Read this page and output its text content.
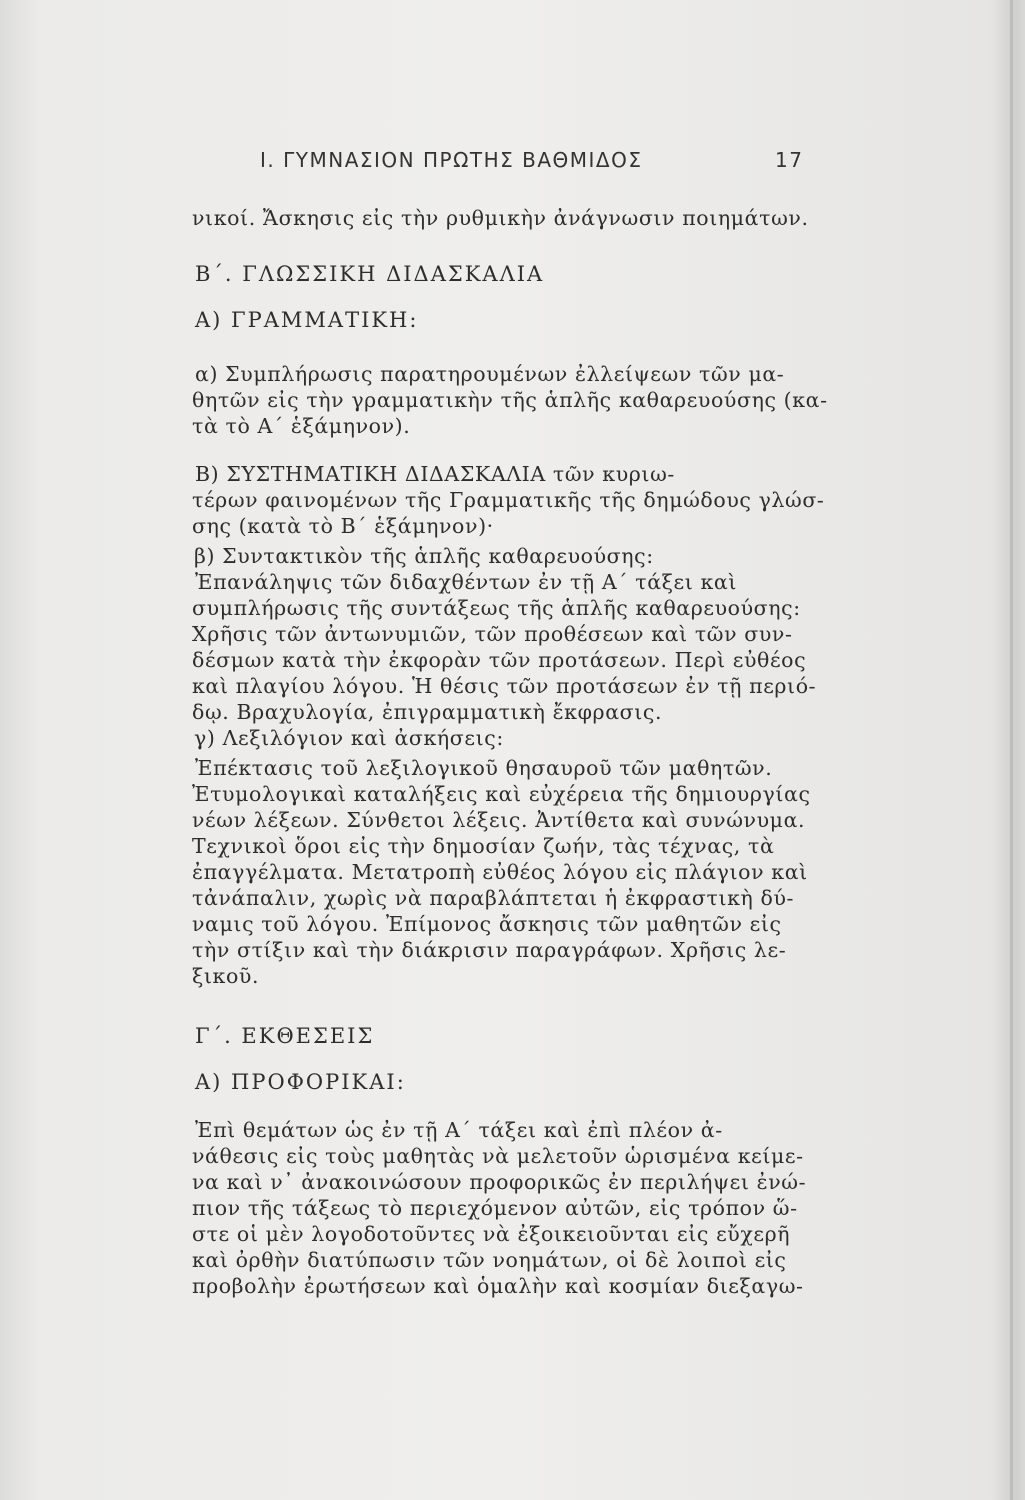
Ι. ΓΥΜΝΑΣΙΟΝ ΠΡΩΤΗΣ ΒΑΘΜΙΔΟΣ	17
νικοί. Ἄσκησις εἰς τὴν ρυθμικὴν ἀνάγνωσιν ποιημάτων.
Β΄. ΓΛΩΣΣΙΚΗ ΔΙΔΑΣΚΑΛΙΑ
Α) ΓΡΑΜΜΑΤΙΚΗ:
α) Συμπλήρωσις παρατηρουμένων ἐλλείψεων τῶν μα-
θητῶν εἰς τὴν γραμματικὴν τῆς ἁπλῆς καθαρευούσης (κα-
τὰ τὸ Α΄ ἑξάμηνον).
Β) ΣΥΣΤΗΜΑΤΙΚΗ ΔΙΔΑΣΚΑΛΙΑ τῶν κυριω-
τέρων φαινομένων τῆς Γραμματικῆς τῆς δημώδους γλώσ-
σης (κατὰ τὸ Β΄ ἑξάμηνον)·
β) Συντακτικὸν τῆς ἁπλῆς καθαρευούσης:
Ἐπανάληψις τῶν διδαχθέντων ἐν τῇ Α΄ τάξει καὶ
συμπλήρωσις τῆς συντάξεως τῆς ἁπλῆς καθαρευούσης:
Χρῆσις τῶν ἀντωνυμιῶν, τῶν προθέσεων καὶ τῶν συν-
δέσμων κατὰ τὴν ἐκφορὰν τῶν προτάσεων. Περὶ εὐθέος
καὶ πλαγίου λόγου. Ἡ θέσις τῶν προτάσεων ἐν τῇ περιό-
δῳ. Βραχυλογία, ἐπιγραμματικὴ ἔκφρασις.
γ) Λεξιλόγιον καὶ ἀσκήσεις:
Ἐπέκτασις τοῦ λεξιλογικοῦ θησαυροῦ τῶν μαθητῶν.
Ἐτυμολογικαὶ καταλήξεις καὶ εὐχέρεια τῆς δημιουργίας
νέων λέξεων. Σύνθετοι λέξεις. Ἀντίθετα καὶ συνώνυμα.
Τεχνικοὶ ὅροι εἰς τὴν δημοσίαν ζωήν, τὰς τέχνας, τὰ
ἐπαγγέλματα. Μετατροπὴ εὐθέος λόγου εἰς πλάγιον καὶ
τἀνάπαλιν, χωρὶς νὰ παραβλάπτεται ἡ ἐκφραστικὴ δύ-
ναμις τοῦ λόγου. Ἐπίμονος ἄσκησις τῶν μαθητῶν εἰς
τὴν στίξιν καὶ τὴν διάκρισιν παραγράφων. Χρῆσις λε-
ξικοῦ.
Γ΄. ΕΚΘΕΣΕΙΣ
Α) ΠΡΟΦΟΡΙΚΑΙ:
Ἐπὶ θεμάτων ὡς ἐν τῇ Α΄ τάξει καὶ ἐπὶ πλέον ἀ-
νάθεσις εἰς τοὺς μαθητὰς νὰ μελετοῦν ὡρισμένα κείμε-
να καὶ ν᾽ ἀνακοινώσουν προφορικῶς ἐν περιλήψει ἐνώ-
πιον τῆς τάξεως τὸ περιεχόμενον αὐτῶν, εἰς τρόπον ὥ-
στε οἱ μὲν λογοδοτοῦντες νὰ ἐξοικειοῦνται εἰς εὔχερῆ
καὶ ὀρθὴν διατύπωσιν τῶν νοημάτων, οἱ δὲ λοιποὶ εἰς
προβολὴν ἐρωτήσεων καὶ ὁμαλὴν καὶ κοσμίαν διεξαγω-
